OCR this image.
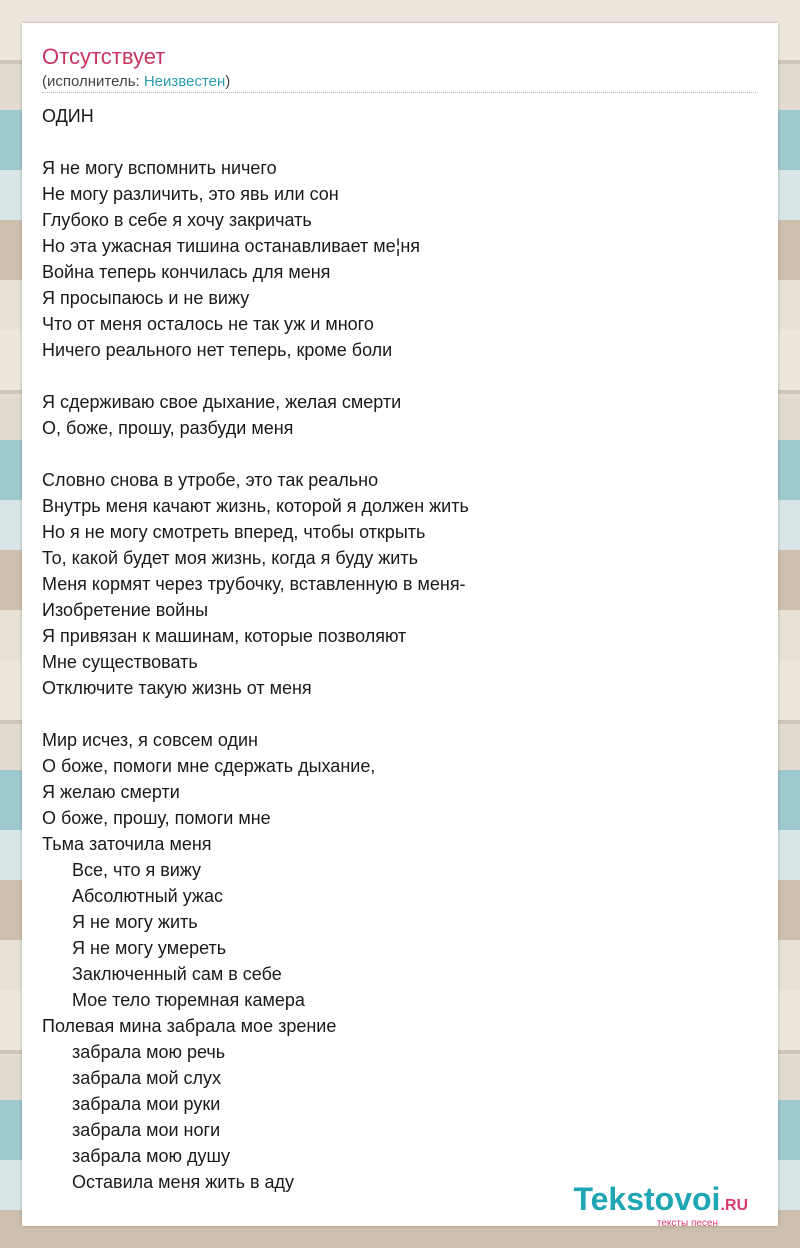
Отсутствует
(исполнитель: Неизвестен)
ОДИН
Я не могу вспомнить ничего
Не могу различить, это явь или сон
Глубоко в себе я хочу закричать
Но эта ужасная тишина останавливает ме¦ня
Война теперь кончилась для меня
Я просыпаюсь и не вижу
Что от меня осталось не так уж и много
Ничего реального нет теперь, кроме боли
Я сдерживаю свое дыхание, желая смерти
О, боже, прошу, разбуди меня
Словно снова в утробе, это так реально
Внутрь меня качают жизнь, которой я должен жить
Но я не могу смотреть вперед, чтобы открыть
То, какой будет моя жизнь, когда я буду жить
Меня кормят через трубочку, вставленную в меня-
Изобретение войны
Я привязан к машинам, которые позволяют
Мне существовать
Отключите такую жизнь от меня
Мир исчез, я совсем один
О боже, помоги мне сдержать дыхание,
Я желаю смерти
О боже, прошу, помоги мне
Тьма заточила меня
Все, что я вижу
Абсолютный ужас
Я не могу жить
Я не могу умереть
Заключенный сам в себе
Мое тело тюремная камера
Полевая мина забрала мое зрение
забрала мою речь
забрала мой слух
забрала мои руки
забрала мои ноги
забрала мою душу
Оставила меня жить в аду	Tekstovoi.RU
тексты песен
